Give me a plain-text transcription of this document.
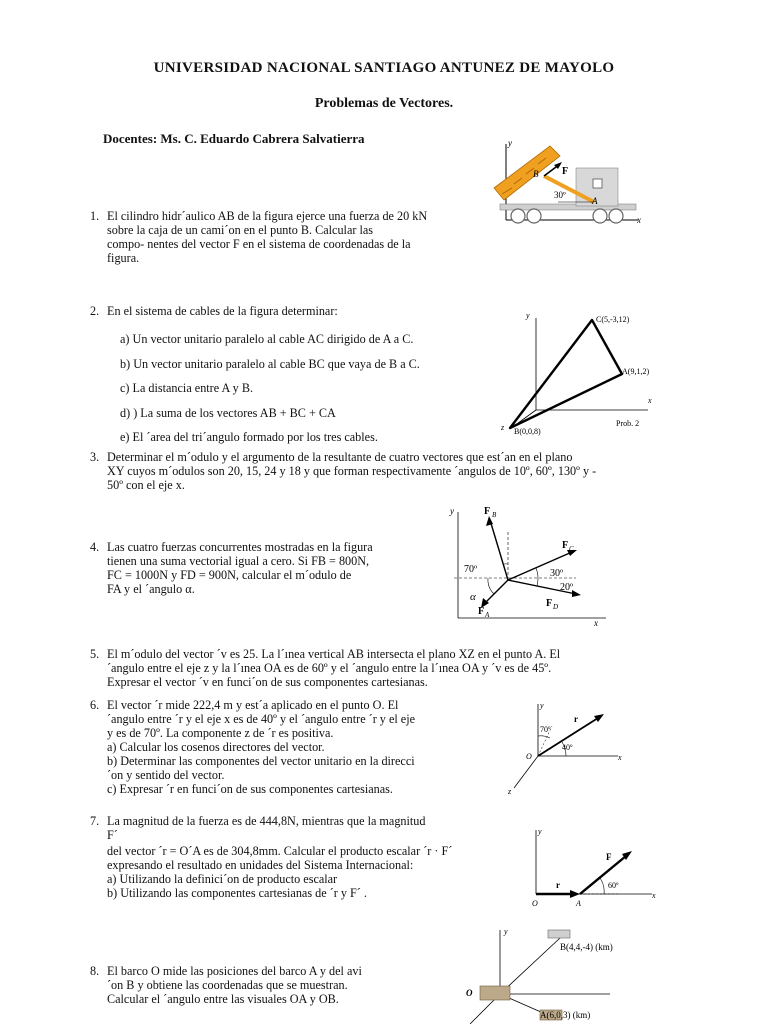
UNIVERSIDAD NACIONAL SANTIAGO ANTUNEZ DE MAYOLO
Problemas de Vectores.
Docentes: Ms. C. Eduardo Cabrera Salvatierra
1. El cilindro hidr´aulico AB de la figura ejerce una fuerza de 20 kN
sobre la caja de un cami´on en el punto B. Calcular las
compo- nentes del vector F en el sistema de coordenadas de la
figura.
y
F
B
30º
A
x
2. En el sistema de cables de la figura determinar:
a) Un vector unitario paralelo al cable AC dirigido de A a C.
b) Un vector unitario paralelo al cable BC que vaya de B a C.
c) La distancia entre A y B.
d) ) La suma de los vectores AB + BC + CA
e) El ´area del tri´angulo formado por los tres cables.
y	C(5,-3,12)
A(9,1,2)
x
z B(0,0,8)
Prob. 2
3. Determinar el m´odulo y el argumento de la resultante de cuatro vectores que est´an en el plano
XY cuyos m´odulos son 20, 15, 24 y 18 y que forman respectivamente ´angulos de 10º, 60º, 130º y -
50º con el eje x.
4. Las cuatro fuerzas concurrentes mostradas en la figura
tienen una suma vectorial igual a cero. Si FB = 800N,
FC = 1000N y FD = 900N, calcular el m´odulo de
FA y el ´angulo α.
y	F B
F C
70º	30º
20º
α
F A
F D
x
5. El m´odulo del vector ´v es 25. La l´ınea vertical AB intersecta el plano XZ en el punto A. El
´angulo entre el eje z y la l´ınea OA es de 60º y el ´angulo entre la l´ınea OA y ´v es de 45º.
Expresar el vector ´v en funci´on de sus componentes cartesianas.
6. El vector ´r mide 222,4 m y est´a aplicado en el punto O. El
´angulo entre ´r y el eje x es de 40º y el ´angulo entre ´r y el eje
y es de 70º. La componente z de ´r es positiva.
a) Calcular los cosenos directores del vector.
b) Determinar las componentes del vector unitario en la direcci
´on y sentido del vector.
c) Expresar ´r en funci´on de sus componentes cartesianas.
y
r
70º
40º
O	x
z
7. La magnitud de la fuerza es de 444,8N, mientras que la magnitud
F´
del vector ´r = O´A es de 304,8mm. Calcular el producto escalar ´r · F´
expresando el resultado en unidades del Sistema Internacional:
a) Utilizando la definici´on de producto escalar
b) Utilizando las componentes cartesianas de ´r y F´ .
y
F
60º
r
O	A
x
8. El barco O mide las posiciones del barco A y del avi
´on B y obtiene las coordenadas que se muestran.
Calcular el ´angulo entre las visuales OA y OB.
y
B(4,4,-4) (km)
O
A(6,0,3) (km)
